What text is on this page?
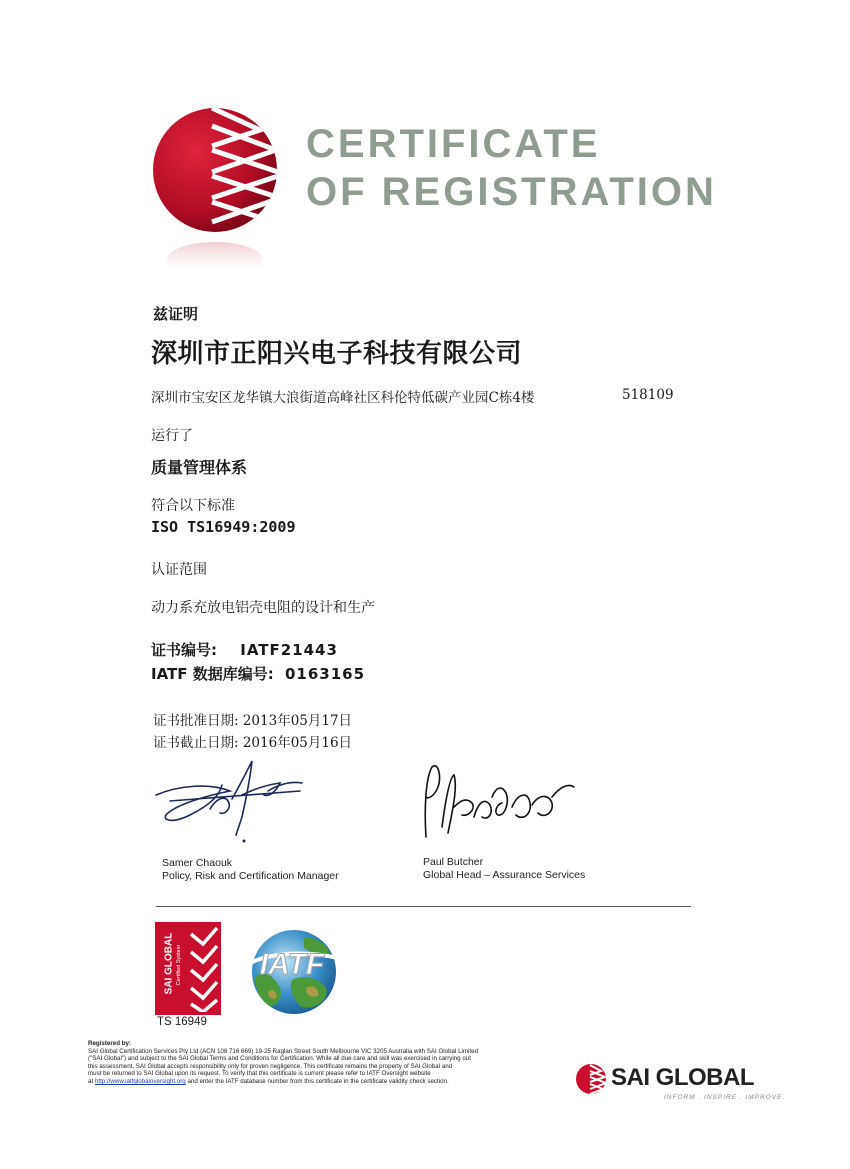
CERTIFICATE
OF REGISTRATION
兹证明
深圳市正阳兴电子科技有限公司
深圳市宝安区龙华镇大浪街道高峰社区科伦特低碳产业园C栋4楼	518109
运行了
质量管理体系
符合以下标准
ISO TS16949:2009
认证范围
动力系充放电铝壳电阻的设计和生产
证书编号: IATF21443
IATF 数据库编号: 0163165
证书批准日期: 2013年05月17日
证书截止日期: 2016年05月16日
Samer Chaouk
Policy, Risk and Certification Manager
Paul Butcher
Global Head – Assurance Services
SAI GLOBAL Certified System
TS 16949
IATF
Registered by:
SAI Global Certification Services Pty Ltd (ACN 108 716 669) 19-25 Raglan Street South Melbourne VIC 3205 Australia with SAI Global Limited
("SAI Global") and subject to the SAI Global Terms and Conditions for Certification. While all due care and skill was exercised in carrying out
this assessment, SAI Global accepts responsibility only for proven negligence. This certificate remains the property of SAI Global and
must be returned to SAI Global upon its request. To verify that this certificate is current please refer to IATF Oversight website
at http://www.iatfglobaloversight.org and enter the IATF database number from this certificate in the certificate validity check section.	SAI GLOBAL
INFORM . INSPIRE . IMPROVE.
